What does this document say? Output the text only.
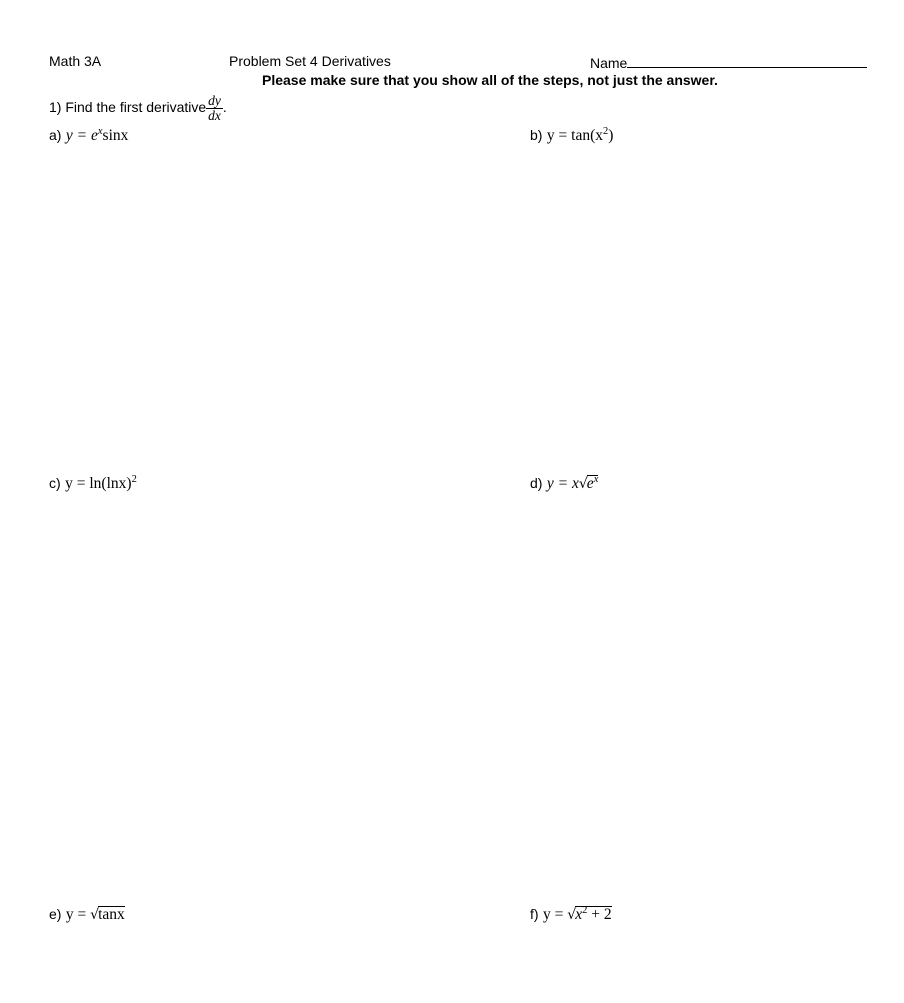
Math 3A	Problem Set 4 Derivatives	Name
Please make sure that you show all of the steps, not just the answer.
1) Find the first derivative $\frac{dy}{dx}$ .
a) $y = e^x\sin x$	b) $y = \tan(x^2)$
c) $y = \ln(\ln x)^2$	d) $y = x√e^x$
e) y = √tanx	f) $y = √x^2 + 2$
